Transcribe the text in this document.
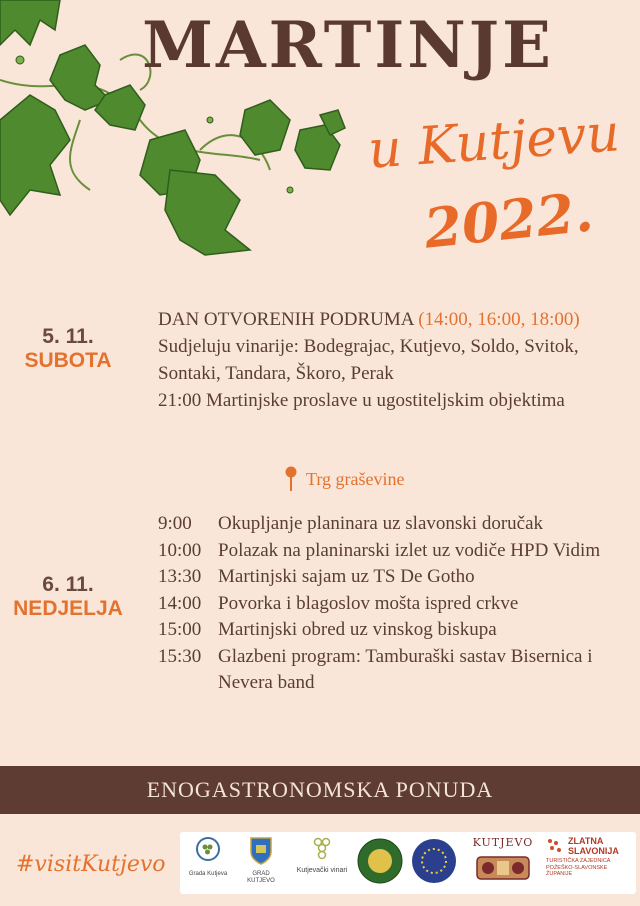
MARTINJE
u Kutjevu
2022.
5. 11.
SUBOTA

DAN OTVORENIH PODRUMA (14:00, 16:00, 18:00)

Sudjeluju vinarije: Bodegrajac, Kutjevo, Soldo, Svitok, Sontaki, Tandara, Škoro, Perak

21:00 Martinjske proslave u ugostiteljskim objektima

Trg graševine
6. 11.
NEDJELJA
9:00	Okupljanje planinara uz slavonski doručak
10:00 Polazak na planinarski izlet uz vodiče HPD Vidim
13:30 Martinjski sajam uz TS De Gotho
14:00 Povorka i blagoslov mošta ispred crkve
15:00 Martinjski obred uz vinskog biskupa
15:30 Glazbeni program: Tamburaški sastav Bisernica i Nevera band
ENOGASTRONOMSKA PONUDA
#visitKutjevo	Grada Kutjeva	GRAD KUTJEVO
Kutjevački vinari
KUTJEVO	ZLATNA SLAVONIJA
TURISTIČKA ZAJEDNICA POŽEŠKO-SLAVONSKE ŽUPANIJE
